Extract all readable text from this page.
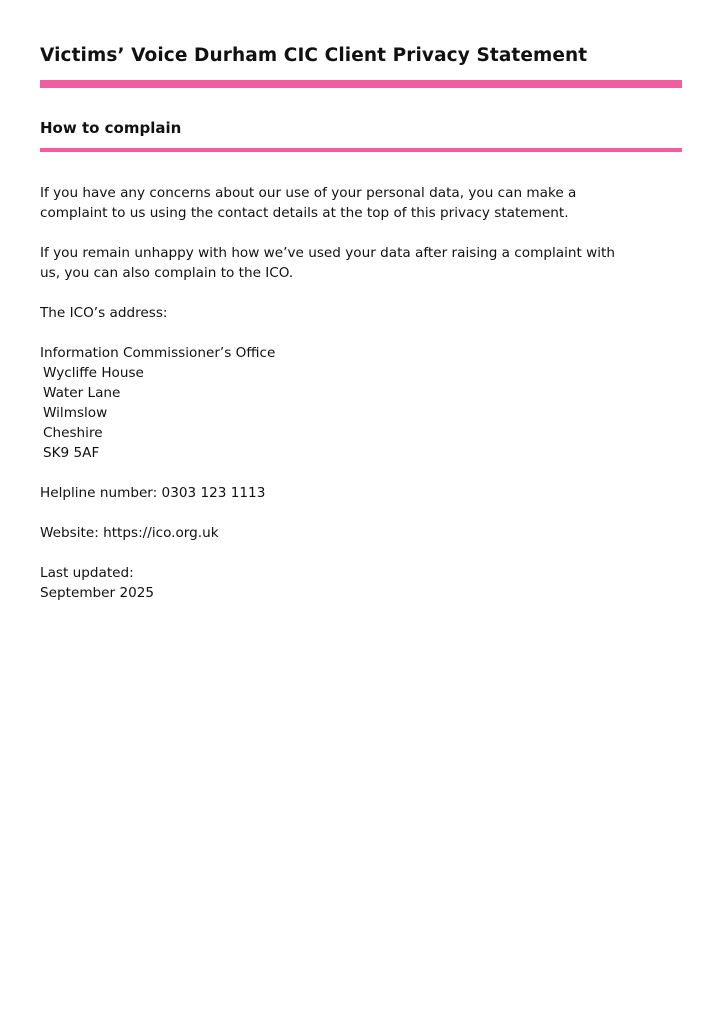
Victims’ Voice Durham CIC Client Privacy Statement
How to complain

If you have any concerns about our use of your personal data, you can make a
complaint to us using the contact details at the top of this privacy statement.

If you remain unhappy with how we’ve used your data after raising a complaint with
us, you can also complain to the ICO.

The ICO’s address:

Information Commissioner’s Office
Wycliffe House
Water Lane
Wilmslow
Cheshire
SK9 5AF

Helpline number: 0303 123 1113

Website: https://ico.org.uk

Last updated:
September 2025
